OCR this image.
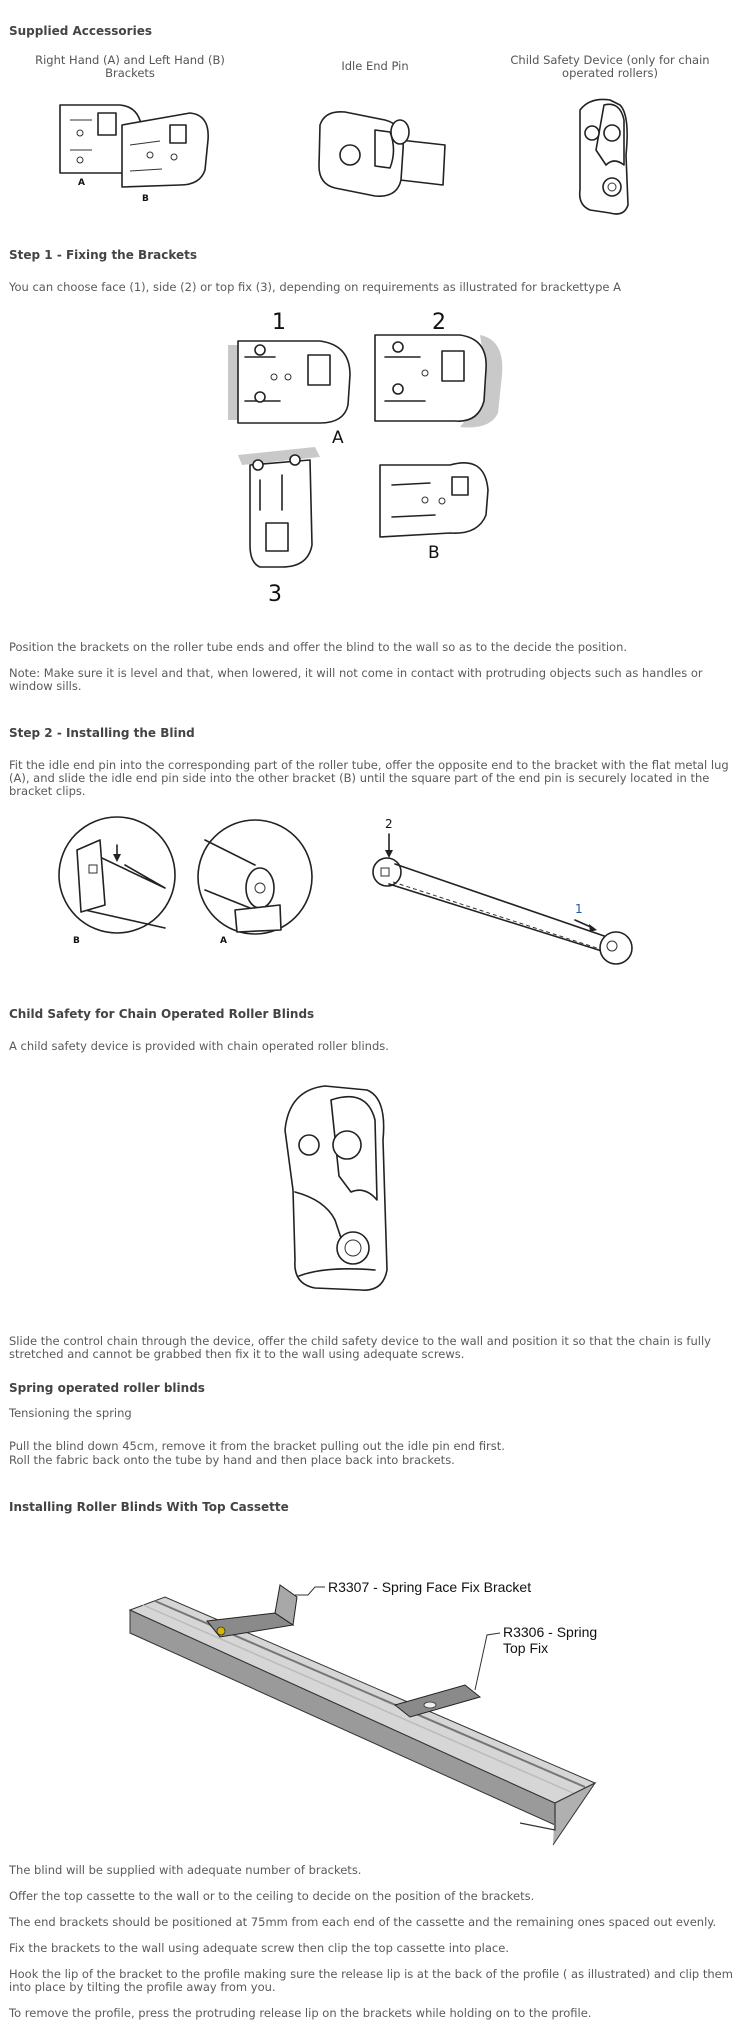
Supplied Accessories
Right Hand (A) and Left Hand (B) Brackets	Idle End Pin	Child Safety Device (only for chain operated rollers)
A
B
Step 1 - Fixing the Brackets
You can choose face (1), side (2) or top fix (3), depending on requirements as illustrated for brackettype A
1
A
2
3
B
Position the brackets on the roller tube ends and offer the blind to the wall so as to the decide the position.
Note: Make sure it is level and that, when lowered, it will not come in contact with protruding objects such as handles or window sills.
Step 2 - Installing the Blind
Fit the idle end pin into the corresponding part of the roller tube, offer the opposite end to the bracket with the flat metal lug (A), and slide the idle end pin side into the other bracket (B) until the square part of the end pin is securely located in the bracket clips.
B	A
2
1
Child Safety for Chain Operated Roller Blinds
A child safety device is provided with chain operated roller blinds.
Slide the control chain through the device, offer the child safety device to the wall and position it so that the chain is fully stretched and cannot be grabbed then fix it to the wall using adequate screws.
Spring operated roller blinds
Tensioning the spring
Pull the blind down 45cm, remove it from the bracket pulling out the idle pin end first.
Roll the fabric back onto the tube by hand and then place back into brackets.
Installing Roller Blinds With Top Cassette
R3307 - Spring Face Fix Bracket
R3306 - Spring
Top Fix
The blind will be supplied with adequate number of brackets.
Offer the top cassette to the wall or to the ceiling to decide on the position of the brackets.
The end brackets should be positioned at 75mm from each end of the cassette and the remaining ones spaced out evenly.
Fix the brackets to the wall using adequate screw then clip the top cassette into place.
Hook the lip of the bracket to the profile making sure the release lip is at the back of the profile ( as illustrated) and clip them into place by tilting the profile away from you.
To remove the profile, press the protruding release lip on the brackets while holding on to the profile.
